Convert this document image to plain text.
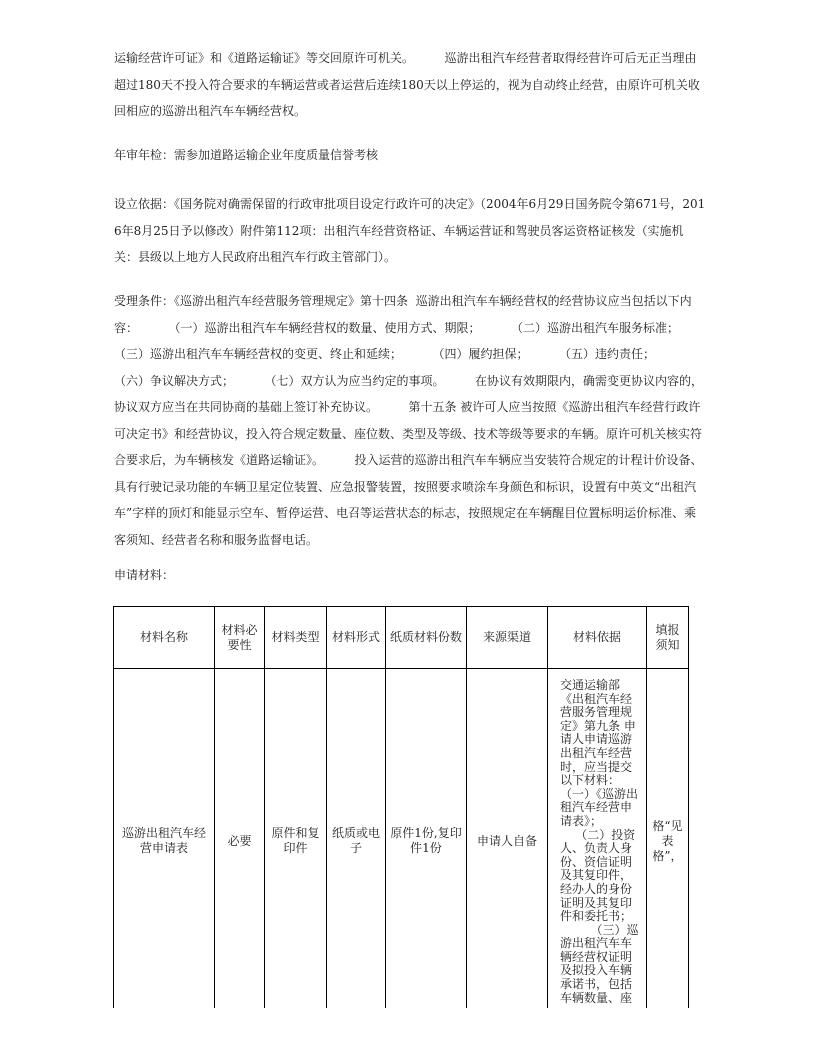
运输经营许可证》和《道路运输证》等交回原许可机关。        巡游出租汽车经营者取得经营许可后无正当理由超过180天不投入符合要求的车辆运营或者运营后连续180天以上停运的，视为自动终止经营，由原许可机关收回相应的巡游出租汽车车辆经营权。
年审年检：需参加道路运输企业年度质量信誉考核
设立依据：《国务院对确需保留的行政审批项目设定行政许可的决定》（2004年6月29日国务院令第671号，2016年8月25日予以修改）附件第112项：出租汽车经营资格证、车辆运营证和驾驶员客运资格证核发（实施机关：县级以上地方人民政府出租汽车行政主管部门）。
受理条件：《巡游出租汽车经营服务管理规定》第十四条  巡游出租汽车车辆经营权的经营协议应当包括以下内容：        （一）巡游出租汽车车辆经营权的数量、使用方式、期限；        （二）巡游出租汽车服务标准；        （三）巡游出租汽车车辆经营权的变更、终止和延续；        （四）履约担保；        （五）违约责任；        （六）争议解决方式；        （七）双方认为应当约定的事项。        在协议有效期限内，确需变更协议内容的，协议双方应当在共同协商的基础上签订补充协议。        第十五条 被许可人应当按照《巡游出租汽车经营行政许可决定书》和经营协议，投入符合规定数量、座位数、类型及等级、技术等级等要求的车辆。原许可机关核实符合要求后，为车辆核发《道路运输证》。        投入运营的巡游出租汽车车辆应当安装符合规定的计程计价设备、具有行驶记录功能的车辆卫星定位装置、应急报警装置，按照要求喷涂车身颜色和标识，设置有中英文“出租汽车”字样的顶灯和能显示空车、暂停运营、电召等运营状态的标志，按照规定在车辆醒目位置标明运价标准、乘客须知、经营者名称和服务监督电话。
申请材料：
材料名称	材料必要性	材料类型	材料形式	纸质材料份数	来源渠道	材料依据	填报须知
巡游出租汽车经营申请表	必要	原件和复印件	纸质或电子	原件1份,复印件1份	申请人自备	交通运输部《出租汽车经营服务管理规定》第九条 申请人申请巡游出租汽车经营时，应当提交以下材料：
（一）《巡游出租汽车经营申请表》；
（二）投资人、负责人身份、资信证明及其复印件，经办人的身份证明及其复印件和委托书；
（三）巡游出租汽车车辆经营权证明及拟投入车辆承诺书，包括车辆数量、座	格“见表格”，
